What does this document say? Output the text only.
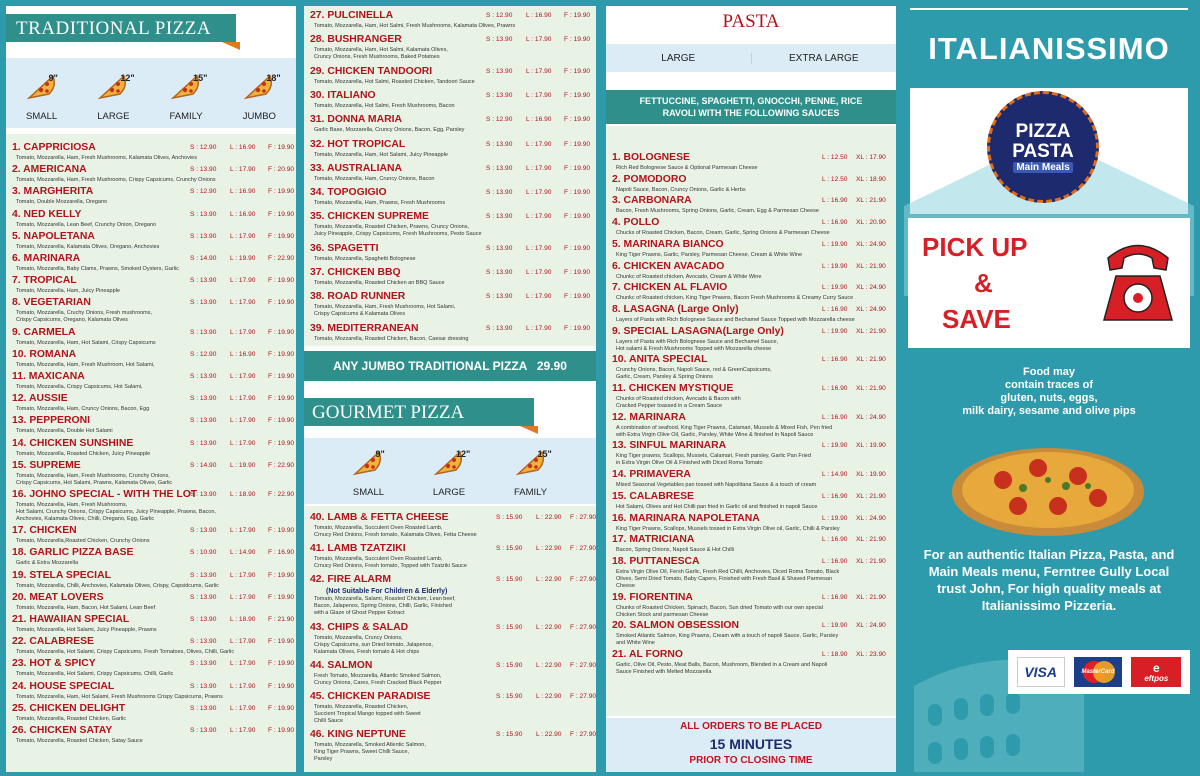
TRADITIONAL PIZZA
9"
SMALL
12"
LARGE
15"
FAMILY
18"
JUMBO
1. CAPPRICIOSA	S : 12.90 L : 16.90 F : 19.90
Tomato, Mozzarella, Ham, Fresh Mushrooms, Kalamata Olives, Anchovies
2. AMERICANA	S : 13.90 L : 17.90 F : 20.90
Tomato, Mozzarella, Ham, Fresh Mushrooms, Crispy Capsicums, Crunchy Onions
3. MARGHERITA	S : 12.90 L : 16.90 F : 19.90
Tomato, Double Mozzarella, Oregano
4. NED KELLY	S : 13.90 L : 16.90 F : 19.90
Tomato, Mozzarella, Lean Beef, Crunchy Onion, Oregano
5. NAPOLETANA	S : 13.90 L : 17.90 F : 19.90
Tomato, Mozzarella, Kalamata Olives, Oregano, Anchovies
6. MARINARA	S : 14.90 L : 19.90 F : 22.90
Tomato, Mozzarella, Baby Clams, Prawns, Smoked Oysters, Garlic
7. TROPICAL	S : 13.90 L : 17.90 F : 19.90
Tomato, Mozzarella, Ham, Juicy Pineapple
8. VEGETARIAN	S : 13.90 L : 17.90 F : 19.90
Tomato, Mozzarella, Cruchy Onions, Fresh mushrooms,
Crispy Capsicums, Oregano, Kalamata Olives
9. CARMELA	S : 13.90 L : 17.90 F : 19.90
Tomato, Mozzarella, Ham, Hot Salami, Crispy Capsicums
10. ROMANA	S : 12.90 L : 16.90 F : 19.90
Tomato, Mozzarella, Ham, Fresh Mushroom, Hot Salami,
11. MAXICANA	S : 13.90 L : 17.90 F : 19.90
Tomato, Mozzarella, Crispy Capsicums, Hot Salami,
12. AUSSIE	S : 13.90 L : 17.90 F : 19.90
Tomato, Mozzarella, Ham, Cruncy Onions, Bacon, Egg
13. PEPPERONI	S : 13.90 L : 17.90 F : 19.90
Tomato, Mozzarella, Double Hot Salami
14. CHICKEN SUNSHINE	S : 13.90 L : 17.90 F : 19.90
Tomato, Mozzarella, Roasted Chicken, Juicy Pineapple
15. SUPREME	S : 14.90 L : 19.90 F : 22.90
Tomato, Mozzarella, Ham, Fresh Mushrooms, Crunchy Onions,
Crispy Capsicums, Hot Salami, Prawns, Kalamata Olives, Garlic
16. JOHNO SPECIAL - WITH THE LOT
S : 13.90 L : 18.90 F : 22.90
Tomato, Mozzarella, Ham, Fresh Mushrooms,
Hot Salami, Crunchy Onions, Crispy Capsicums, Juicy Pineapple, Prawns, Bacon,
Anchovies, Kalamata Olives, Chilli, Oregano, Egg, Garlic
17. CHICKEN	S : 13.90 L : 17.90 F : 19.90
Tomato, Mozzarella,Roasted Chicken, Crunchy Onions
18. GARLIC PIZZA BASE	S : 10.90 L : 14.90 F : 16.90
Garlic & Extra Mozzarella
19. STELA SPECIAL	S : 13.90 L : 17.90 F : 19.90
Tomato, Mozzarella, Chilli, Anchovies, Kalamata Olives, Crispy, Capsidcums, Garlic
20. MEAT LOVERS	S : 13.90 L : 17.90 F : 19.90
Tomato, Mozzarella, Ham, Bacon, Hot Salami, Lean Beef
21. HAWAIIAN SPECIAL	S : 13.90 L : 18.90 F : 21.90
Tomato, Mozzarella, Hot Salami, Juicy Pineapple, Prawns
22. CALABRESE	S : 13.90 L : 17.90 F : 19.90
Tomato, Mozzarella, Hot Salami, Crispy Capsicums, Fresh Tomatoes, Olives, Chilli, Garlic
23. HOT & SPICY	S : 13.90 L : 17.90 F : 19.90
Tomato, Mozzarella, Hot Salami, Crispy Capsicums, Chilli, Garlic
24. HOUSE SPECIAL	S : 13.90 L : 17.90 F : 19.90
Tomato, Mozzarella, Ham, Hot Salami, Fresh Mushrooms Crispy Capsicums, Prawns
25. CHICKEN DELIGHT	S : 13.90 L : 17.90 F : 19.90
Tomato, Mozzarella, Roasted Chicken, Garlic
26. CHICKEN SATAY	S : 13.90 L : 17.90 F : 19.90
Tomato, Mozzarella, Roasted Chicken, Satay Sauce
27. PULCINELLA	S : 12.90 L : 16.90 F : 19.90
Tomato, Mozzarella, Ham, Hot Salmi, Fresh Mushrooms, Kalamata Olives, Prawns
28. BUSHRANGER	S : 13.90 L : 17.90 F : 19.90
Tomato, Mozzarella, Ham, Hot Salmi, Kalamata Olives,
Cruncy Onions, Fresh Mushrooms, Baked Potatoes
29. CHICKEN TANDOORI	S : 13.90 L : 17.90 F : 19.90
Tomato, Mozzarella, Hot Salmi, Roasted Chicken, Tandoori Sauce
30. ITALIANO	S : 13.90 L : 17.90 F : 19.90
Tomato, Mozzarella, Hot Salmi, Fresh Mushrooms, Bacon
31. DONNA MARIA	S : 12.90 L : 16.90 F : 19.90
Garlic Base, Mozzarella, Cruncy Onions, Bacon, Egg, Parsley
32. HOT TROPICAL	S : 13.90 L : 17.90 F : 19.90
Tomato, Mozzarella, Ham, Hot Salami, Juicy Pineapple
33. AUSTRALIANA	S : 13.90 L : 17.90 F : 19.90
Tomato, Mozzarella, Ham, Cruncy Onions, Bacon
34. TOPOGIGIO	S : 13.90 L : 17.90 F : 19.90
Tomato, Mozzarella, Ham, Prawns, Fresh Mushrooms
35. CHICKEN SUPREME	S : 13.90 L : 17.90 F : 19.90
Tomato, Mozzarella, Roasted Chicken, Prawns, Cruncy Onions,
Juicy Pineapple, Crispy Capsicums, Fresh Mushrooms, Pesto Sauce
36. SPAGETTI	S : 13.90 L : 17.90 F : 19.90
Tomato, Mozzarella, Spaghetti Bolognese
37. CHICKEN BBQ	S : 13.90 L : 17.90 F : 19.90
Tomato, Mozzarella, Roasted Chicken an BBQ Sauce
38. ROAD RUNNER	S : 13.90 L : 17.90 F : 19.90
Tomato, Mozzarella, Ham, Fresh Mushrooms, Hot Salami,
Crispy Capsicums & Kalamata Olives
39. MEDITERRANEAN	S : 13.90 L : 17.90 F : 19.90
Tomato, Mozzarella, Roasted Chicken, Bacon, Caesar dressing
ANY JUMBO TRADITIONAL PIZZA   29.90
GOURMET PIZZA
9"
SMALL
12"
LARGE
15"
FAMILY
40. LAMB & FETTA CHEESE	S : 15.90 L : 22.90 F : 27.90
Tomato, Mozzarella, Succulent Oven Roasted Lamb,
Crnucy Red Onions, Fresh tomato, Kalamata Olives, Fetta Cheese
41. LAMB TZATZIKI	S : 15.90 L : 22.90 F : 27.90
Tomato, Mozzarella, Succulent Oven Roasted Lamb,
Crnucy Red Onions, Fresh tomato, Topped with Tzatziki Sauce
42. FIRE ALARM	S : 15.90 L : 22.90 F : 27.90
(Not Suitable For Children & Elderly)
Tomato, Mozzarella, Salami, Roasted Chicken, Lean beef,
Bacon, Jalapenos, Spring Onions, Chilli, Garlic, Finished
with a Glaze of Ghost Pepper Extract
43. CHIPS & SALAD	S : 15.90 L : 22.90 F : 27.90
Tomato, Mozzarella, Cruncy Onions,
Crispy Capsicums, sun Dried tomato, Jalapenos,
Kalamata Olives, Fresh tomato & Hot chips
44. SALMON	S : 15.90 L : 22.90 F : 27.90
Fresh Tomato, Mozzarella, Atlantic Smoked Salmon,
Cruncy Onions, Cares, Fresh Cracked Black Pepper
45. CHICKEN PARADISE	S : 15.90 L : 22.90 F : 27.90
Tomato, Mozzarella, Roasted Chicken,
Succient Tropical Mango topped with Sweet
Chilli Sauce
46. KING NEPTUNE	S : 15.90 L : 22.90 F : 27.90
Tomato, Mozzarella, Smoked Atlentic Salmon,
King Tiger Prawns, Sweet Chilli Sauce,
Parsley
PASTA
LARGE	EXTRA LARGE
FETTUCCINE, SPAGHETTI, GNOCCHI, PENNE, RICE
RAVOLI WITH THE FOLLOWING SAUCES
1. BOLOGNESE	L : 12.50 XL : 17.90
Rich Red Bolognese Sauce & Optional Parmesan Cheese
2. POMODORO	L : 12.50 XL : 18.90
Napoli Sauce, Bacon, Cruncy Onions, Garlic & Herbs
3. CARBONARA	L : 16.90 XL : 21.90
Bacon, Fresh Mushrooms, Spring Onions, Garlic, Cream, Egg & Parmesan Cheese
4. POLLO	L : 16.90 XL : 20.90
Chucks of Roasted Chicken, Bacon, Cream, Garlic, Spring Onions & Parmesan Cheese
5. MARINARA BIANCO	L : 19.90 XL : 24.90
King Tiger Prawns, Garlic, Parsley, Parmesan Cheese, Cream & White Wine
6. CHICKEN AVACADO	L : 19.90 XL : 21.90
Chunkc of Roasted chicken, Avocado, Cream & White Wine
7. CHICKEN AL FLAVIO	L : 19.90 XL : 24.90
Chunkc of Roasted chicken, King Tiger Prawns, Bacon Fresh Mushrooms & Creamy Curry Sauce
8. LASAGNA (Large Only)	L : 16.90 XL : 24.90
Layers of Pasta with Rich Bolognese Sauce and Bechamel Sauce Topped with Mozzarella cheese
9. SPECIAL LASAGNA(Large Only)	L : 19.90 XL : 21.90
Layers of Pasta with Rich Bolognese Sauce and Bechamel Sauce,
Hot salami & Fresh Mushrooms Topped with Mozzarella cheese
10. ANITA SPECIAL	L : 16.90 XL : 21.90
Crunchy Onions, Bacon, Napoli Sauce, red & GreenCapsicums,
Garlic, Cream, Parsley & Spring Onions
11. CHICKEN MYSTIQUE	L : 16.90 XL : 21.90
Chunks of Roasted chicken, Avocado & Bacon with
Cracked Pepper toassed in a Cream Sauce
12. MARINARA	L : 16.90 XL : 24.90
A combination of seafood, King Tiger Prawns, Calamari, Mussels & Mixed Fish, Pen fried
with Extra Virgin Olive Oil, Garlic, Parsley, White Wine & finished in Napoli Sauce
13. SINFUL MARINARA	L : 19.90 XL : 19.90
King Tiger prawns, Scallops, Mussels, Calamari, Fresh parsley, Garlic Pan Fried
in Extra Virgin Olive Oil & Finished with Diced Roma Tomato
14. PRIMAVERA	L : 14.90 XL : 19.90
Mixed Seasonal Vegetables pan tossed with Napolitana Sauce & a touch of cream
15. CALABRESE	L : 16.90 XL : 21.90
Hot Salami, Olives and Hot Chilli pan fried in Garlic oil and finished in napoli Sauce
16. MARINARA NAPOLETANA	L : 19.90 XL : 24.90
King Tiger Prawns, Scallops, Mussels tossed in Extra Virgin Olive oil, Garlic, Chilli & Parsley
17. MATRICIANA	L : 16.90 XL : 21.90
Bacon, Spring Onions, Napoli Sauce & Hot Chilli
18. PUTTANESCA	L : 16.90 XL : 21.90
Extra Virgin Olive Oil, Fersh Garlic, Fresh Red Chilli, Anchovies, Diced Roma Tomato, Black
Olives, Semi Dried Tomato, Baby Capers, Finished with Fresh Basil & Shaved Parmesan
Cheese
19. FIORENTINA	L : 16.90 XL : 21.90
Chunks of Roasted Chicken, Spinach, Bacon, Sun dried Tomato with our own special
Chicken Stock and parmesan Cheese
20. SALMON OBSESSION	L : 19.90 XL : 24.90
Smoked Atlantic Salmon, King Prawns, Cream with a touch of napoli Sauce, Garlic, Parsley
and White Wine
21. AL FORNO	L : 18.90 XL : 23.90
Garlic, Olive Oil, Pesto, Meat Balls, Bacon, Mushroom, Blended in a Cream and Napoli
Sauce Finished with Melted Mozzarella
ALL ORDERS TO BE PLACED
15 MINUTES
PRIOR TO CLOSING TIME
ITALIANISSIMO
PIZZA
PASTA
Main Meals
PICK UP
&
SAVE
Food may
contain traces of
gluten, nuts, eggs,
milk dairy, sesame and olive pips
For an authentic Italian Pizza, Pasta, and Main Meals menu, Ferntree Gully Local trust John, For high quality meals at Italianissimo Pizzeria.
VISA	MasterCard	e
eftpos
